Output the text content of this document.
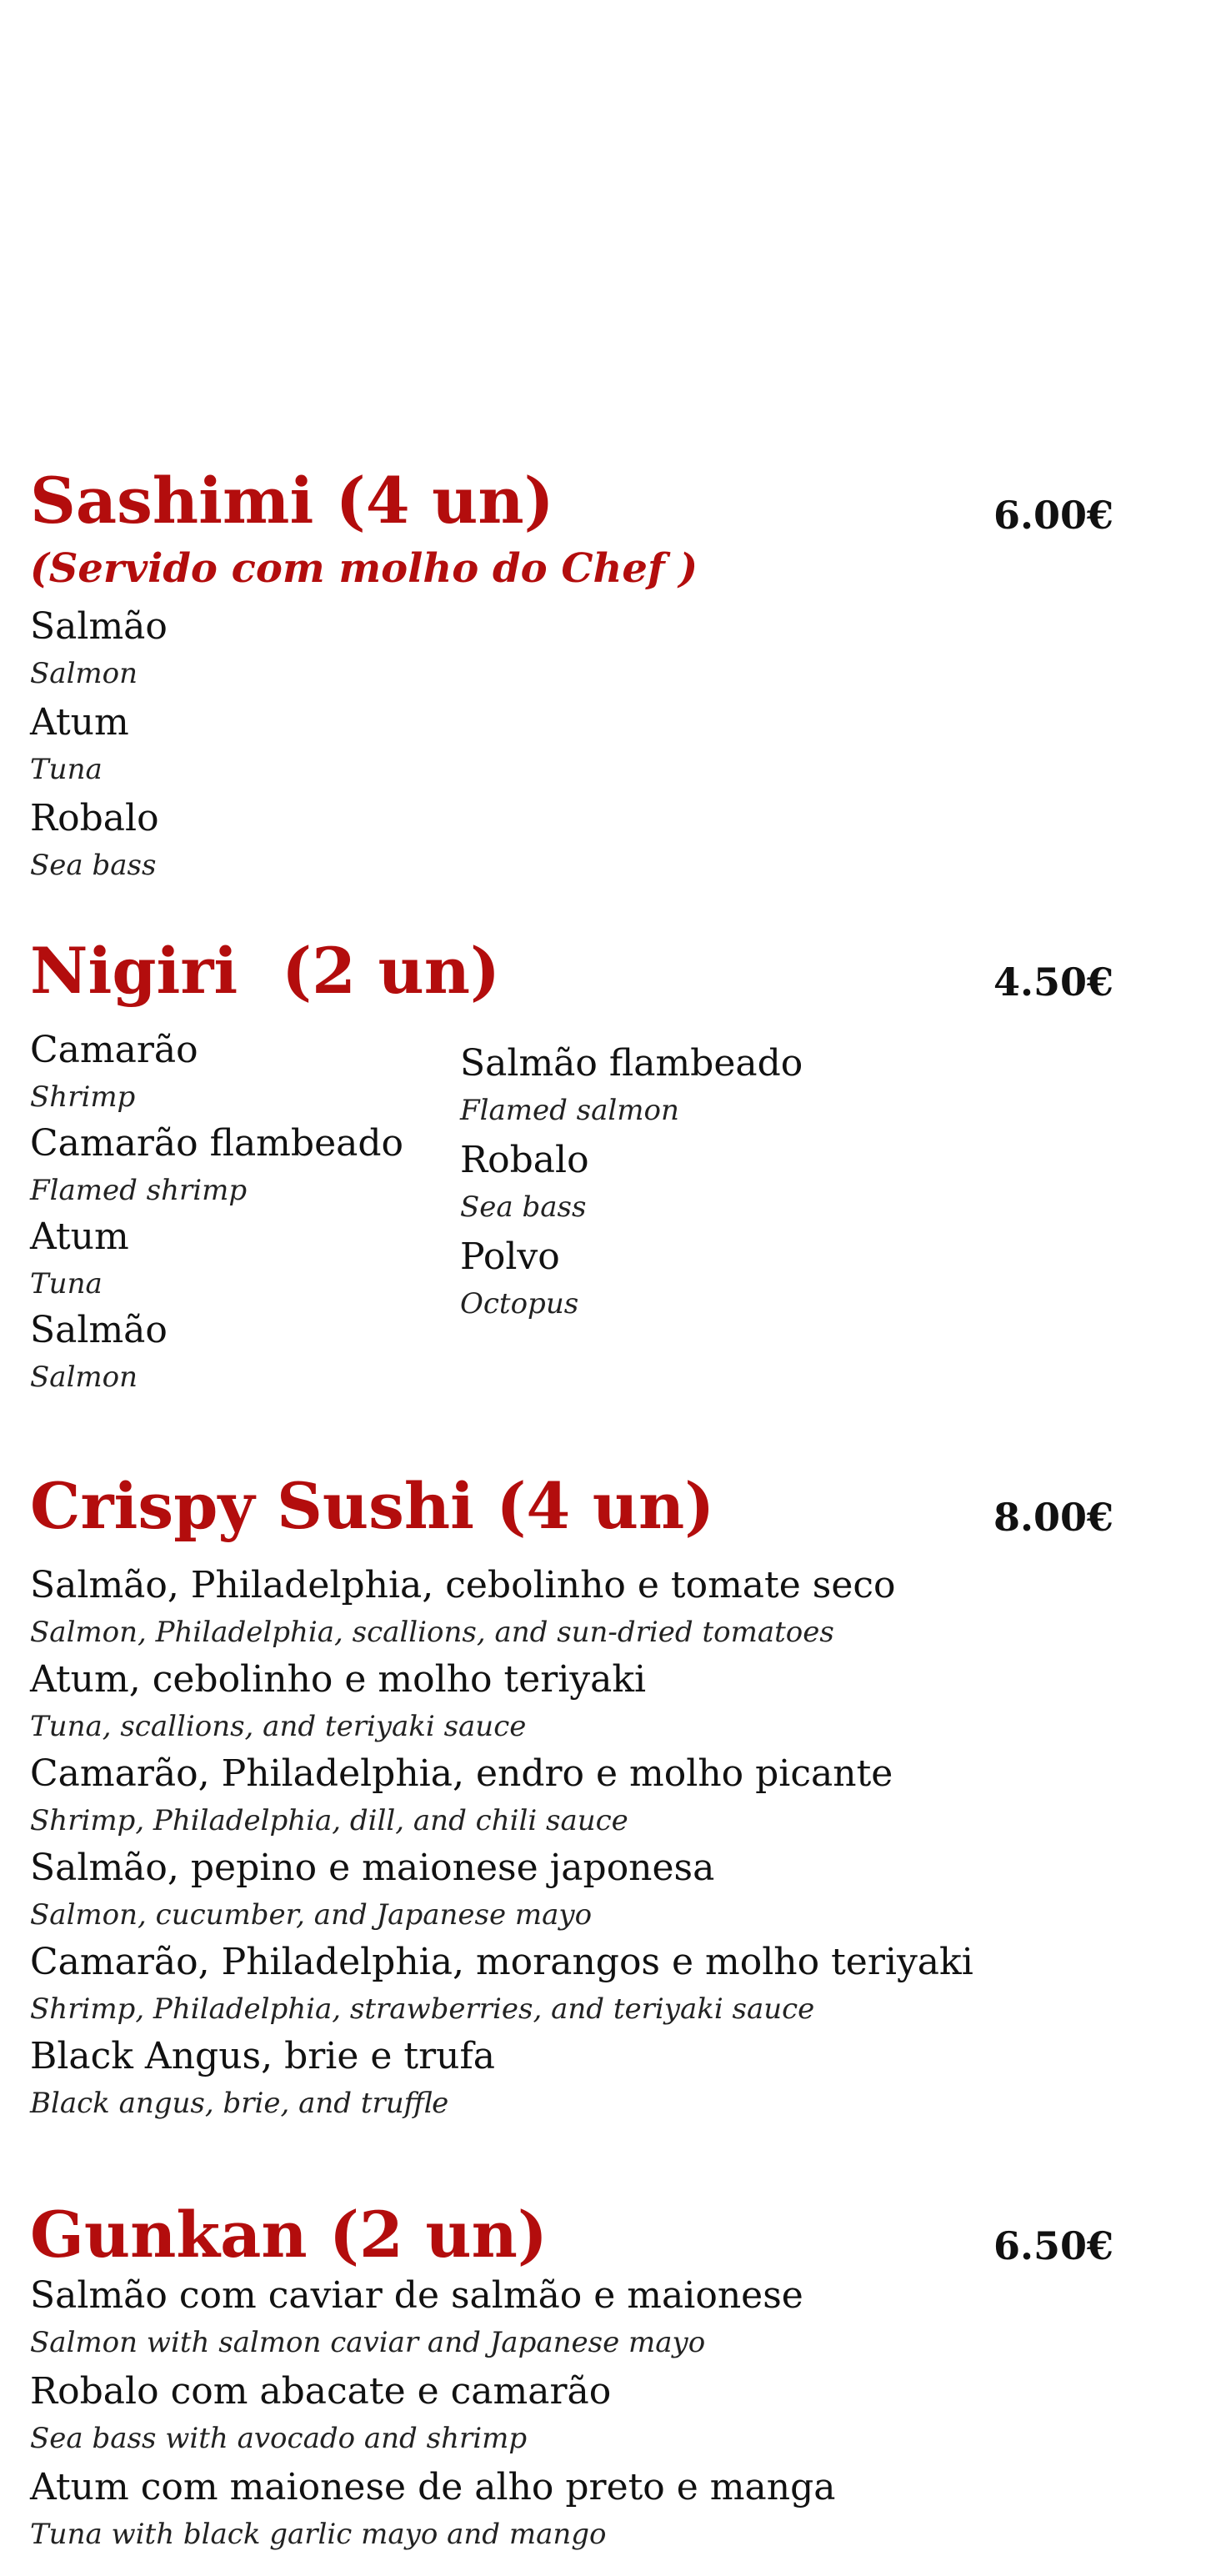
Sashimi (4 un)	6.00€

(Servido com molho do Chef )

Salmão
Salmon
Atum
Tuna
Robalo
Sea bass
Nigiri  (2 un)	4.50€
Camarão
Shrimp
Camarão flambeado
Flamed shrimp
Atum
Tuna
Salmão
Salmon
Salmão flambeado
Flamed salmon
Robalo
Sea bass
Polvo
Octopus
Crispy Sushi (4 un)	8.00€
Salmão, Philadelphia, cebolinho e tomate seco
Salmon, Philadelphia, scallions, and sun-dried tomatoes
Atum, cebolinho e molho teriyaki
Tuna, scallions, and teriyaki sauce
Camarão, Philadelphia, endro e molho picante
Shrimp, Philadelphia, dill, and chili sauce
Salmão, pepino e maionese japonesa
Salmon, cucumber, and Japanese mayo
Camarão, Philadelphia, morangos e molho teriyaki
Shrimp, Philadelphia, strawberries, and teriyaki sauce
Black Angus, brie e trufa
Black angus, brie, and truffle
Gunkan (2 un)	6.50€
Salmão com caviar de salmão e maionese
Salmon with salmon caviar and Japanese mayo
Robalo com abacate e camarão
Sea bass with avocado and shrimp
Atum com maionese de alho preto e manga
Tuna with black garlic mayo and mango
